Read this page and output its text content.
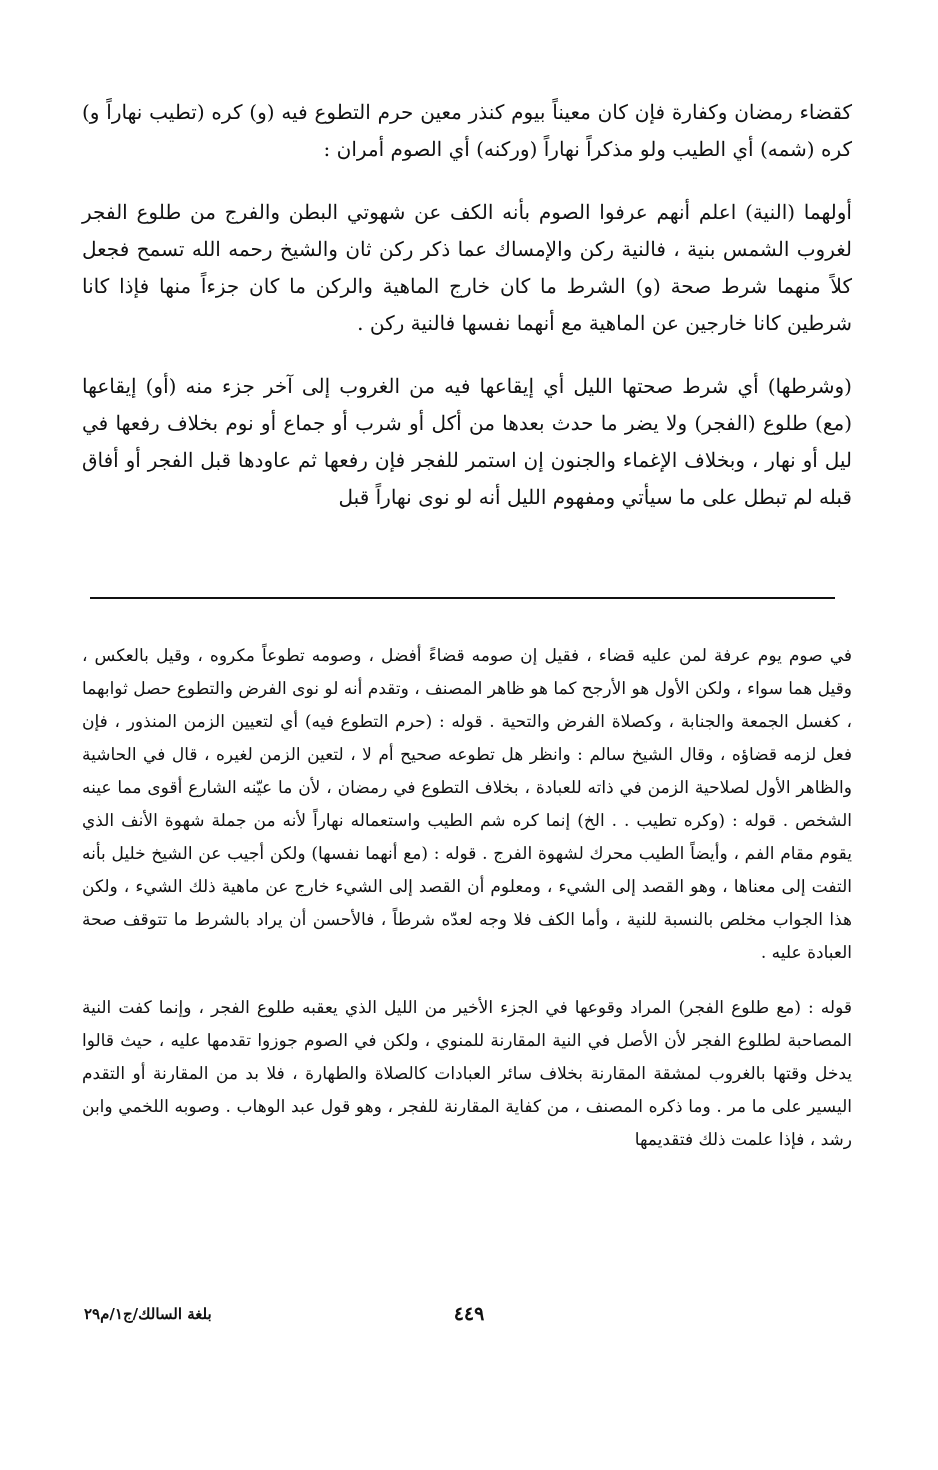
كقضاء رمضان وكفارة فإن كان معيناً بيوم كنذر معين حرم التطوع فيه (و) كره (تطيب نهاراً و) كره (شمه) أي الطيب ولو مذكراً نهاراً (وركنه) أي الصوم أمران :

أولهما (النية) اعلم أنهم عرفوا الصوم بأنه الكف عن شهوتي البطن والفرج من طلوع الفجر لغروب الشمس بنية ، فالنية ركن والإمساك عما ذكر ركن ثان والشيخ رحمه الله تسمح فجعل كلاً منهما شرط صحة (و) الشرط ما كان خارج الماهية والركن ما كان جزءاً منها فإذا كانا شرطين كانا خارجين عن الماهية مع أنهما نفسها فالنية ركن .

(وشرطها) أي شرط صحتها الليل أي إيقاعها فيه من الغروب إلى آخر جزء منه (أو) إيقاعها (مع) طلوع (الفجر) ولا يضر ما حدث بعدها من أكل أو شرب أو جماع أو نوم بخلاف رفعها في ليل أو نهار ، وبخلاف الإغماء والجنون إن استمر للفجر فإن رفعها ثم عاودها قبل الفجر أو أفاق قبله لم تبطل على ما سيأتي ومفهوم الليل أنه لو نوى نهاراً قبل

في صوم يوم عرفة لمن عليه قضاء ، فقيل إن صومه قضاءً أفضل ، وصومه تطوعاً مكروه ، وقيل بالعكس ، وقيل هما سواء ، ولكن الأول هو الأرجح كما هو ظاهر المصنف ، وتقدم أنه لو نوى الفرض والتطوع حصل ثوابهما ، كغسل الجمعة والجنابة ، وكصلاة الفرض والتحية . قوله : (حرم التطوع فيه) أي لتعيين الزمن المنذور ، فإن فعل لزمه قضاؤه ، وقال الشيخ سالم : وانظر هل تطوعه صحيح أم لا ، لتعين الزمن لغيره ، قال في الحاشية والظاهر الأول لصلاحية الزمن في ذاته للعبادة ، بخلاف التطوع في رمضان ، لأن ما عيّنه الشارع أقوى مما عينه الشخص . قوله : (وكره تطيب . . الخ) إنما كره شم الطيب واستعماله نهاراً لأنه من جملة شهوة الأنف الذي يقوم مقام الفم ، وأيضاً الطيب محرك لشهوة الفرج . قوله : (مع أنهما نفسها) ولكن أجيب عن الشيخ خليل بأنه التفت إلى معناها ، وهو القصد إلى الشيء ، ومعلوم أن القصد إلى الشيء خارج عن ماهية ذلك الشيء ، ولكن هذا الجواب مخلص بالنسبة للنية ، وأما الكف فلا وجه لعدّه شرطاً ، فالأحسن أن يراد بالشرط ما تتوقف صحة العبادة عليه .

قوله : (مع طلوع الفجر) المراد وقوعها في الجزء الأخير من الليل الذي يعقبه طلوع الفجر ، وإنما كفت النية المصاحبة لطلوع الفجر لأن الأصل في النية المقارنة للمنوي ، ولكن في الصوم جوزوا تقدمها عليه ، حيث قالوا يدخل وقتها بالغروب لمشقة المقارنة بخلاف سائر العبادات كالصلاة والطهارة ، فلا بد من المقارنة أو التقدم اليسير على ما مر . وما ذكره المصنف ، من كفاية المقارنة للفجر ، وهو قول عبد الوهاب . وصوبه اللخمي وابن رشد ، فإذا علمت ذلك فتقديمها

٤٤٩
بلغة السالك/ج١/م٢٩
